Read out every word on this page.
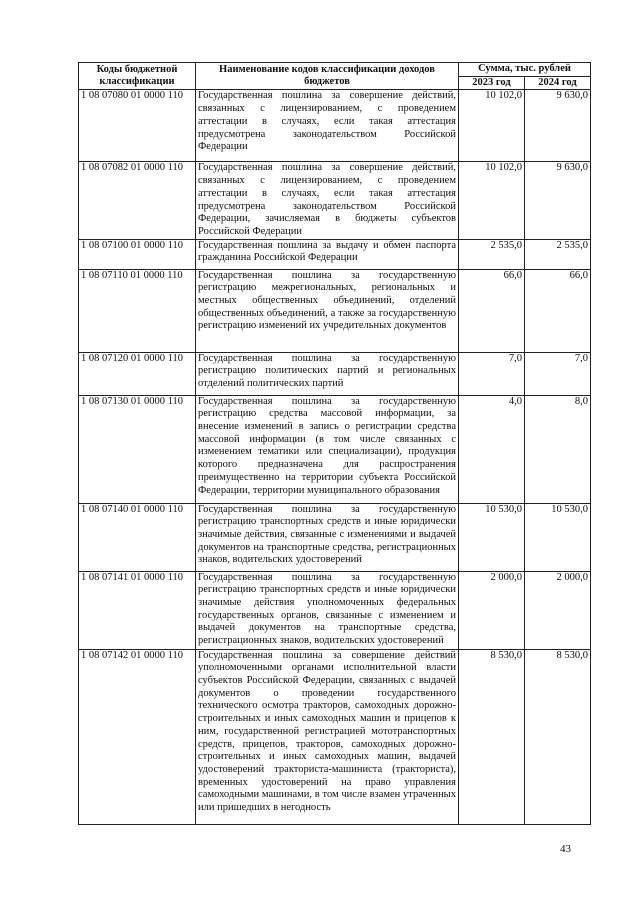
Коды бюджетной классификации	Наименование кодов классификации доходов бюджетов	Сумма, тыс. рублей	
		2023 год	2024 год
1 08 07080 01 0000 110	Государственная пошлина за совершение действий, связанных с лицензированием, с проведением аттестации в случаях, если такая аттестация предусмотрена законодательством Российской Федерации	10 102,0	9 630,0
1 08 07082 01 0000 110	Государственная пошлина за совершение действий, связанных с лицензированием, с проведением аттестации в случаях, если такая аттестация предусмотрена законодательством Российской Федерации, зачисляемая в бюджеты субъектов Российской Федерации	10 102,0	9 630,0
1 08 07100 01 0000 110	Государственная пошлина за выдачу и обмен паспорта гражданина Российской Федерации	2 535,0	2 535,0
1 08 07110 01 0000 110	Государственная пошлина за государственную регистрацию межрегиональных, региональных и местных общественных объединений, отделений общественных объединений, а также за государственную регистрацию изменений их учредительных документов	66,0	66,0
1 08 07120 01 0000 110	Государственная пошлина за государственную регистрацию политических партий и региональных отделений политических партий	7,0	7,0
1 08 07130 01 0000 110	Государственная пошлина за государственную регистрацию средства массовой информации, за внесение изменений в запись о регистрации средства массовой информации (в том числе связанных с изменением тематики или специализации), продукция которого предназначена для распространения преимущественно на территории субъекта Российской Федерации, территории муниципального образования	4,0	8,0
1 08 07140 01 0000 110	Государственная пошлина за государственную регистрацию транспортных средств и иные юридически значимые действия, связанные с изменениями и выдачей документов на транспортные средства, регистрационных знаков, водительских удостоверений	10 530,0	10 530,0
1 08 07141 01 0000 110	Государственная пошлина за государственную регистрацию транспортных средств и иные юридически значимые действия уполномоченных федеральных государственных органов, связанные с изменением и выдачей документов на транспортные средства, регистрационных знаков, водительских удостоверений	2 000,0	2 000,0
1 08 07142 01 0000 110	Государственная пошлина за совершение действий уполномоченными органами исполнительной власти субъектов Российской Федерации, связанных с выдачей документов о проведении государственного технического осмотра тракторов, самоходных дорожно-строительных и иных самоходных машин и прицепов к ним, государственной регистрацией мототранспортных средств, прицепов, тракторов, самоходных дорожно-строительных и иных самоходных машин, выдачей удостоверений тракториста-машиниста (тракториста), временных удостоверений на право управления самоходными машинами, в том числе взамен утраченных или пришедших в негодность	8 530,0	8 530,0
43
